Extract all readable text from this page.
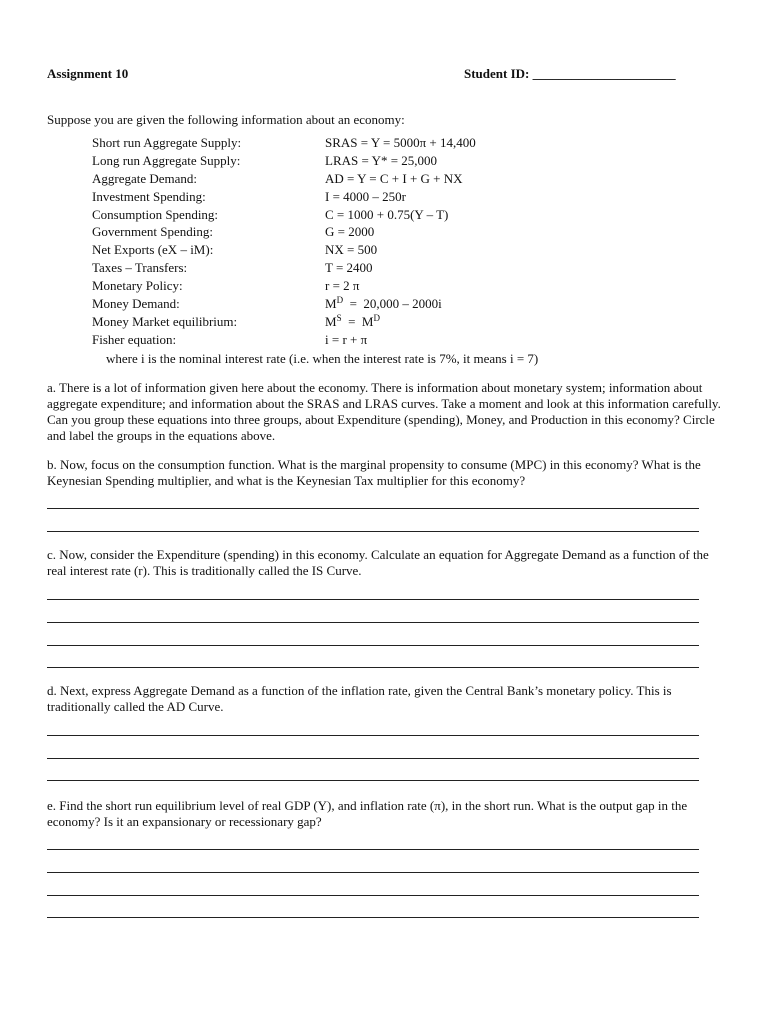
Assignment 10	Student ID: ______________________
Suppose you are given the following information about an economy:
Short run Aggregate Supply:	SRAS = Y = 5000π + 14,400
Long run Aggregate Supply:	LRAS = Y* = 25,000
Aggregate Demand:	AD = Y = C + I + G + NX
Investment Spending:	I = 4000 – 250r
Consumption Spending:	C = 1000 + 0.75(Y – T)
Government Spending:	G = 2000
Net Exports (eX – iM):	NX = 500
Taxes – Transfers:	T = 2400
Monetary Policy:	r = 2 π
Money Demand:	$M^D = 20,000 - 2000i$
Money Market equilibrium:	$M^S = M^D$
Fisher equation:	i = r + π
where i is the nominal interest rate (i.e. when the interest rate is 7%, it means i = 7)
a. There is a lot of information given here about the economy. There is information about monetary system; information about aggregate expenditure; and information about the SRAS and LRAS curves. Take a moment and look at this information carefully. Can you group these equations into three groups, about Expenditure (spending), Money, and Production in this economy? Circle and label the groups in the equations above.
b. Now, focus on the consumption function. What is the marginal propensity to consume (MPC) in this economy? What is the Keynesian Spending multiplier, and what is the Keynesian Tax multiplier for this economy?
c. Now, consider the Expenditure (spending) in this economy. Calculate an equation for Aggregate Demand as a function of the real interest rate (r). This is traditionally called the IS Curve.
d. Next, express Aggregate Demand as a function of the inflation rate, given the Central Bank’s monetary policy. This is traditionally called the AD Curve.
e. Find the short run equilibrium level of real GDP (Y), and inflation rate (π), in the short run. What is the output gap in the economy? Is it an expansionary or recessionary gap?
